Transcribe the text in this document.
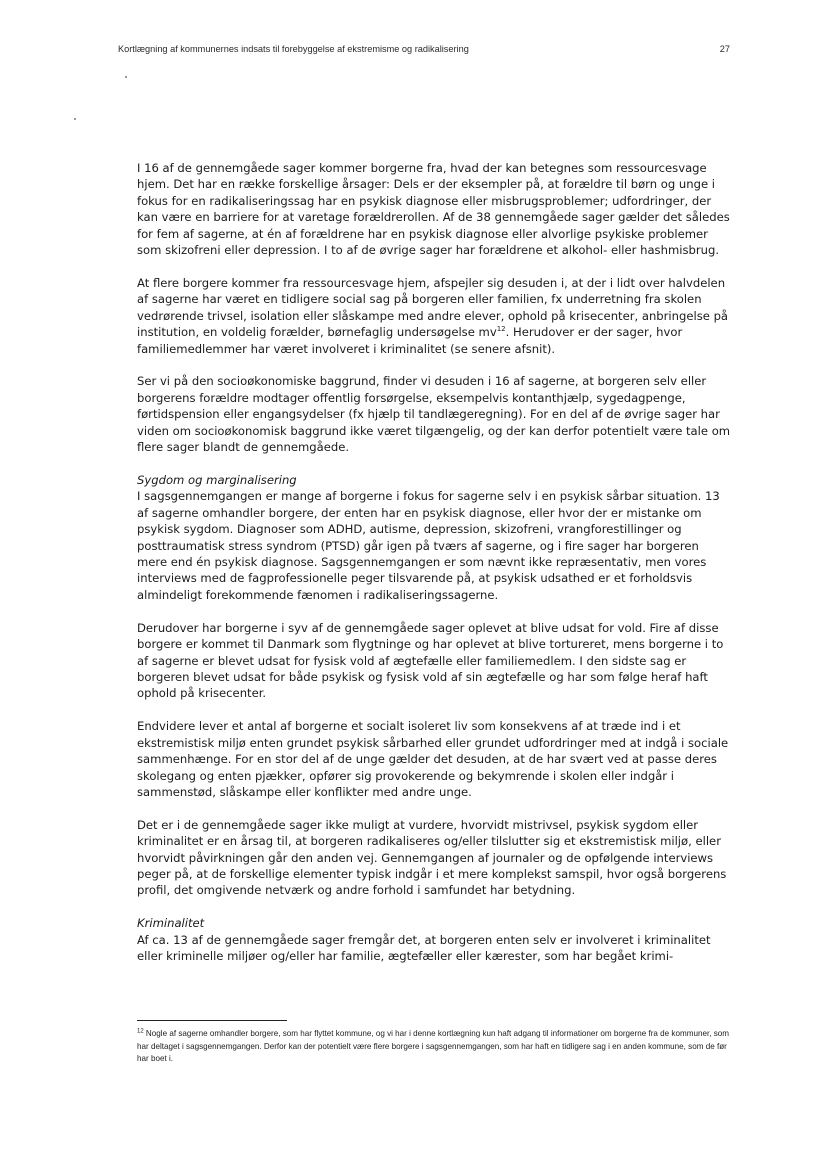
Kortlægning af kommunernes indsats til forebyggelse af ekstremisme og radikalisering	27

I 16 af de gennemgåede sager kommer borgerne fra, hvad der kan betegnes som ressourcesvage hjem. Det har en række forskellige årsager: Dels er der eksempler på, at forældre til børn og unge i fokus for en radikaliseringssag har en psykisk diagnose eller misbrugsproblemer; udfordringer, der kan være en barriere for at varetage forældrerollen. Af de 38 gennemgåede sager gælder det således for fem af sagerne, at én af forældrene har en psykisk diagnose eller alvorlige psykiske problemer som skizofreni eller depression. I to af de øvrige sager har forældrene et alkohol- eller hashmisbrug.

At flere borgere kommer fra ressourcesvage hjem, afspejler sig desuden i, at der i lidt over halvdelen af sagerne har været en tidligere social sag på borgeren eller familien, fx underretning fra skolen vedrørende trivsel, isolation eller slåskampe med andre elever, ophold på krisecenter, anbringelse på institution, en voldelig forælder, børnefaglig undersøgelse $mv^{12}$. Herudover er der sager, hvor familiemedlemmer har været involveret i kriminalitet (se senere afsnit).

Ser vi på den socioøkonomiske baggrund, finder vi desuden i 16 af sagerne, at borgeren selv eller borgerens forældre modtager offentlig forsørgelse, eksempelvis kontanthjælp, sygedagpenge, førtidspension eller engangsydelser (fx hjælp til tandlægeregning). For en del af de øvrige sager har viden om socioøkonomisk baggrund ikke været tilgængelig, og der kan derfor potentielt være tale om flere sager blandt de gennemgåede.

Sygdom og marginalisering

I sagsgennemgangen er mange af borgerne i fokus for sagerne selv i en psykisk sårbar situation. 13 af sagerne omhandler borgere, der enten har en psykisk diagnose, eller hvor der er mistanke om psykisk sygdom. Diagnoser som ADHD, autisme, depression, skizofreni, vrangforestillinger og posttraumatisk stress syndrom (PTSD) går igen på tværs af sagerne, og i fire sager har borgeren mere end én psykisk diagnose. Sagsgennemgangen er som nævnt ikke repræsentativ, men vores interviews med de fagprofessionelle peger tilsvarende på, at psykisk udsathed er et forholdsvis almindeligt forekommende fænomen i radikaliseringssagerne.

Derudover har borgerne i syv af de gennemgåede sager oplevet at blive udsat for vold. Fire af disse borgere er kommet til Danmark som flygtninge og har oplevet at blive tortureret, mens borgerne i to af sagerne er blevet udsat for fysisk vold af ægtefælle eller familiemedlem. I den sidste sag er borgeren blevet udsat for både psykisk og fysisk vold af sin ægtefælle og har som følge heraf haft ophold på krisecenter.

Endvidere lever et antal af borgerne et socialt isoleret liv som konsekvens af at træde ind i et ekstremistisk miljø enten grundet psykisk sårbarhed eller grundet udfordringer med at indgå i sociale sammenhænge. For en stor del af de unge gælder det desuden, at de har svært ved at passe deres skolegang og enten pjækker, opfører sig provokerende og bekymrende i skolen eller indgår i sammenstød, slåskampe eller konflikter med andre unge.

Det er i de gennemgåede sager ikke muligt at vurdere, hvorvidt mistrivsel, psykisk sygdom eller kriminalitet er en årsag til, at borgeren radikaliseres og/eller tilslutter sig et ekstremistisk miljø, eller hvorvidt påvirkningen går den anden vej. Gennemgangen af journaler og de opfølgende interviews peger på, at de forskellige elementer typisk indgår i et mere komplekst samspil, hvor også borgerens profil, det omgivende netværk og andre forhold i samfundet har betydning.

Kriminalitet

Af ca. 13 af de gennemgåede sager fremgår det, at borgeren enten selv er involveret i kriminalitet eller kriminelle miljøer og/eller har familie, ægtefæller eller kærester, som har begået krimi-

$^{12}$ Nogle af sagerne omhandler borgere, som har flyttet kommune, og vi har i denne kortlægning kun haft adgang til informationer om borgerne fra de kommuner, som har deltaget i sagsgennemgangen. Derfor kan der potentielt være flere borgere i sagsgennemgangen, som har haft en tidligere sag i en anden kommune, som de før har boet i.
